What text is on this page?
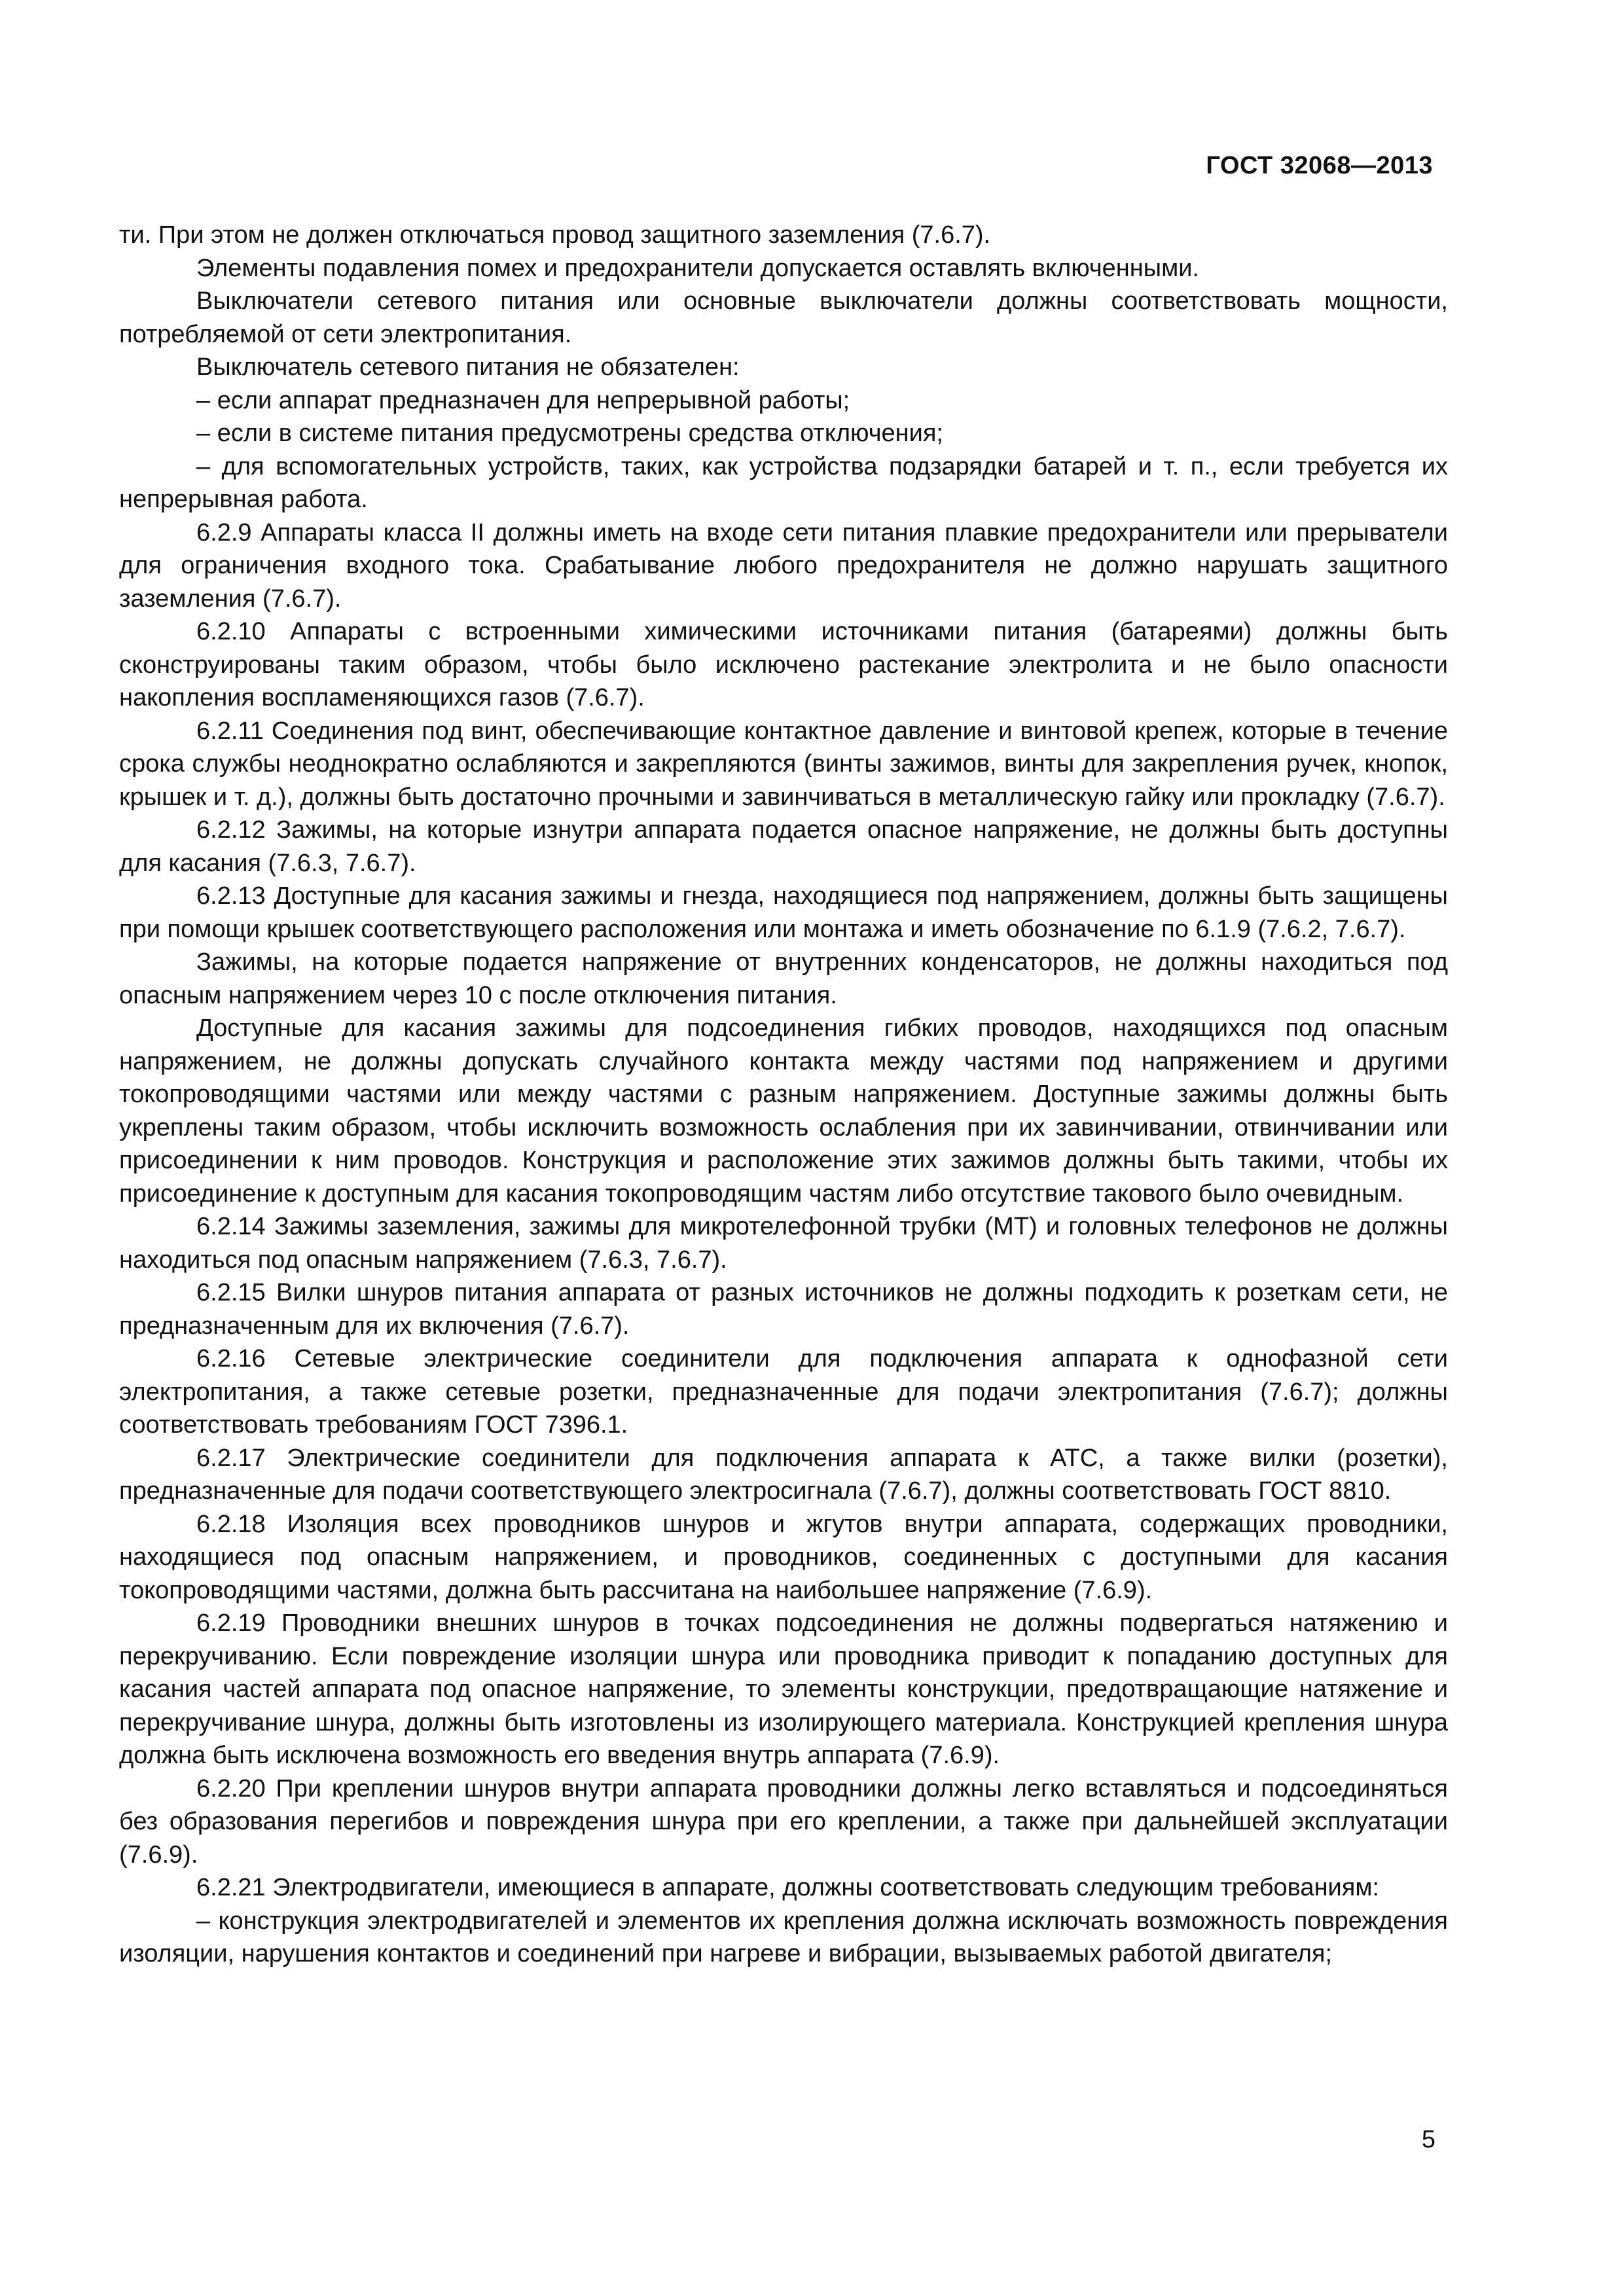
ГОСТ 32068—2013

ти. При этом не должен отключаться провод защитного заземления (7.6.7).

Элементы подавления помех и предохранители допускается оставлять включенными.

Выключатели сетевого питания или основные выключатели должны соответствовать мощности, потребляемой от сети электропитания.

Выключатель сетевого питания не обязателен:

– если аппарат предназначен для непрерывной работы;

– если в системе питания предусмотрены средства отключения;

– для вспомогательных устройств, таких, как устройства подзарядки батарей и т. п., если требуется их непрерывная работа.

6.2.9 Аппараты класса II должны иметь на входе сети питания плавкие предохранители или прерыватели для ограничения входного тока. Срабатывание любого предохранителя не должно нарушать защитного заземления (7.6.7).

6.2.10 Аппараты с встроенными химическими источниками питания (батареями) должны быть сконструированы таким образом, чтобы было исключено растекание электролита и не было опасности накопления воспламеняющихся газов (7.6.7).

6.2.11 Соединения под винт, обеспечивающие контактное давление и винтовой крепеж, которые в течение срока службы неоднократно ослабляются и закрепляются (винты зажимов, винты для закрепления ручек, кнопок, крышек и т. д.), должны быть достаточно прочными и завинчиваться в металлическую гайку или прокладку (7.6.7).

6.2.12 Зажимы, на которые изнутри аппарата подается опасное напряжение, не должны быть доступны для касания (7.6.3, 7.6.7).

6.2.13 Доступные для касания зажимы и гнезда, находящиеся под напряжением, должны быть защищены при помощи крышек соответствующего расположения или монтажа и иметь обозначение по 6.1.9 (7.6.2, 7.6.7).

Зажимы, на которые подается напряжение от внутренних конденсаторов, не должны находиться под опасным напряжением через 10 с после отключения питания.

Доступные для касания зажимы для подсоединения гибких проводов, находящихся под опасным напряжением, не должны допускать случайного контакта между частями под напряжением и другими токопроводящими частями или между частями с разным напряжением. Доступные зажимы должны быть укреплены таким образом, чтобы исключить возможность ослабления при их завинчивании, отвинчивании или присоединении к ним проводов. Конструкция и расположение этих зажимов должны быть такими, чтобы их присоединение к доступным для касания токопроводящим частям либо отсутствие такового было очевидным.

6.2.14 Зажимы заземления, зажимы для микротелефонной трубки (МТ) и головных телефонов не должны находиться под опасным напряжением (7.6.3, 7.6.7).

6.2.15 Вилки шнуров питания аппарата от разных источников не должны подходить к розеткам сети, не предназначенным для их включения (7.6.7).

6.2.16 Сетевые электрические соединители для подключения аппарата к однофазной сети электропитания, а также сетевые розетки, предназначенные для подачи электропитания (7.6.7); должны соответствовать требованиям ГОСТ 7396.1.

6.2.17 Электрические соединители для подключения аппарата к АТС, а также вилки (розетки), предназначенные для подачи соответствующего электросигнала (7.6.7), должны соответствовать ГОСТ 8810.

6.2.18 Изоляция всех проводников шнуров и жгутов внутри аппарата, содержащих проводники, находящиеся под опасным напряжением, и проводников, соединенных с доступными для касания токопроводящими частями, должна быть рассчитана на наибольшее напряжение (7.6.9).

6.2.19 Проводники внешних шнуров в точках подсоединения не должны подвергаться натяжению и перекручиванию. Если повреждение изоляции шнура или проводника приводит к попаданию доступных для касания частей аппарата под опасное напряжение, то элементы конструкции, предотвращающие натяжение и перекручивание шнура, должны быть изготовлены из изолирующего материала. Конструкцией крепления шнура должна быть исключена возможность его введения внутрь аппарата (7.6.9).

6.2.20 При креплении шнуров внутри аппарата проводники должны легко вставляться и подсоединяться без образования перегибов и повреждения шнура при его креплении, а также при дальнейшей эксплуатации (7.6.9).

6.2.21 Электродвигатели, имеющиеся в аппарате, должны соответствовать следующим требованиям:

– конструкция электродвигателей и элементов их крепления должна исключать возможность повреждения изоляции, нарушения контактов и соединений при нагреве и вибрации, вызываемых работой двигателя;

5
